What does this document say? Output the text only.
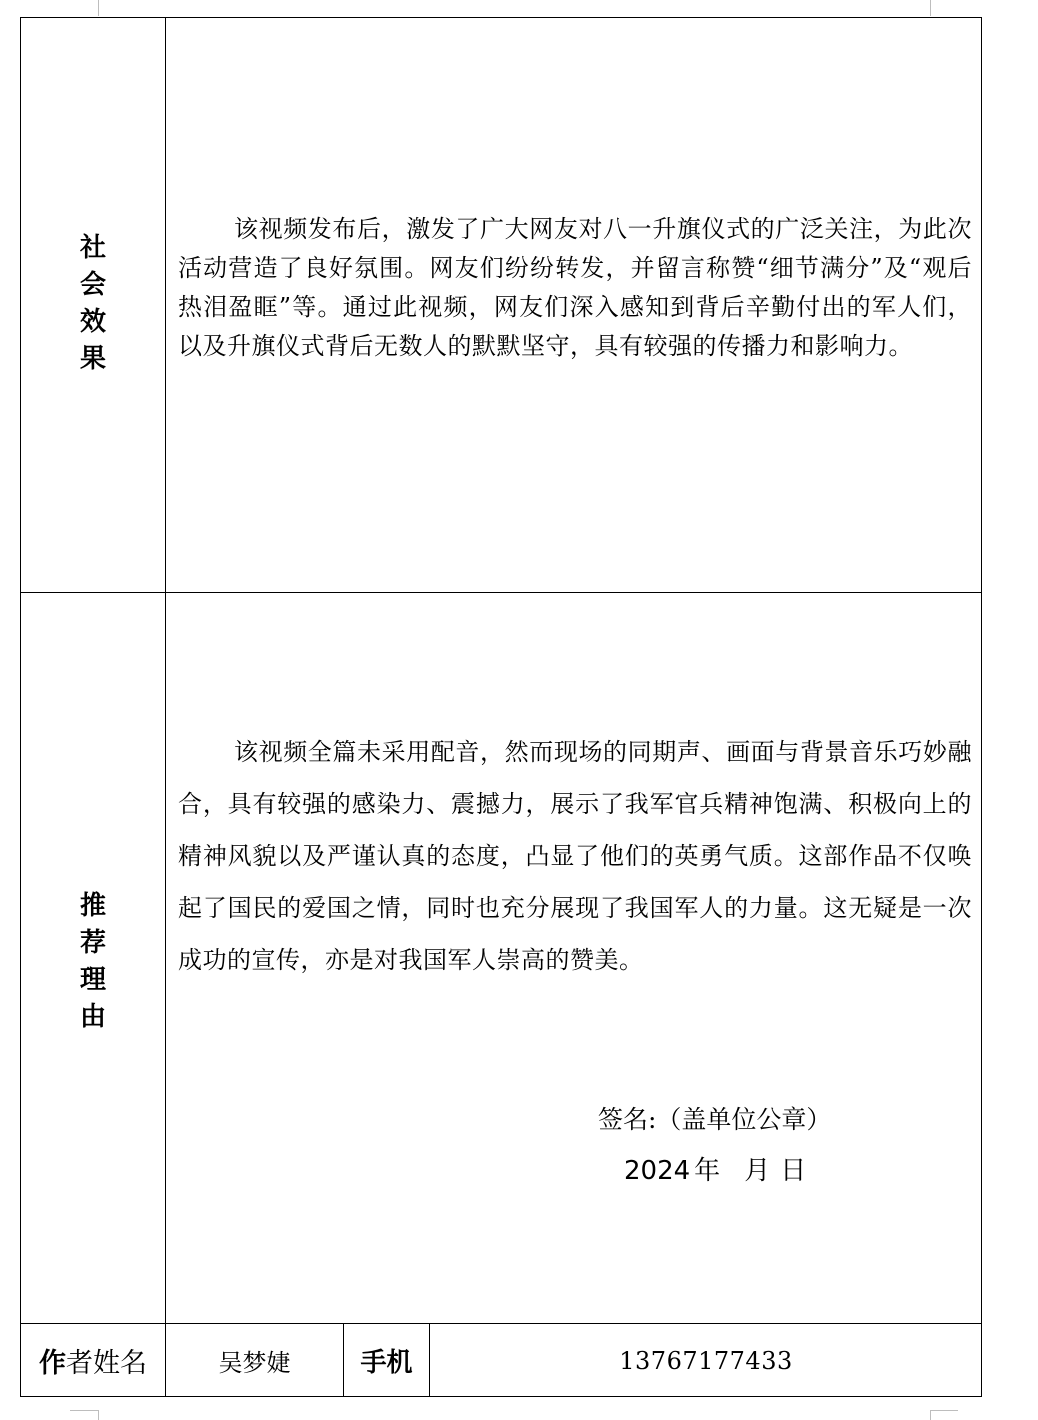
社
会
效
果

该视频发布后，激发了广大网友对八一升旗仪式的广泛关注，为此次活动营造了良好氛围。网友们纷纷转发，并留言称赞“细节满分”及“观后热泪盈眶”等。通过此视频，网友们深入感知到背后辛勤付出的军人们，以及升旗仪式背后无数人的默默坚守，具有较强的传播力和影响力。

推
荐
理
由

该视频全篇未采用配音，然而现场的同期声、画面与背景音乐巧妙融合，具有较强的感染力、震撼力，展示了我军官兵精神饱满、积极向上的精神风貌以及严谨认真的态度，凸显了他们的英勇气质。这部作品不仅唤起了国民的爱国之情，同时也充分展现了我国军人的力量。这无疑是一次成功的宣传，亦是对我国军人崇高的赞美。

签名:（盖单位公章）
2024 年 月 日
作 者姓名	吴梦婕	手机	13767177433
